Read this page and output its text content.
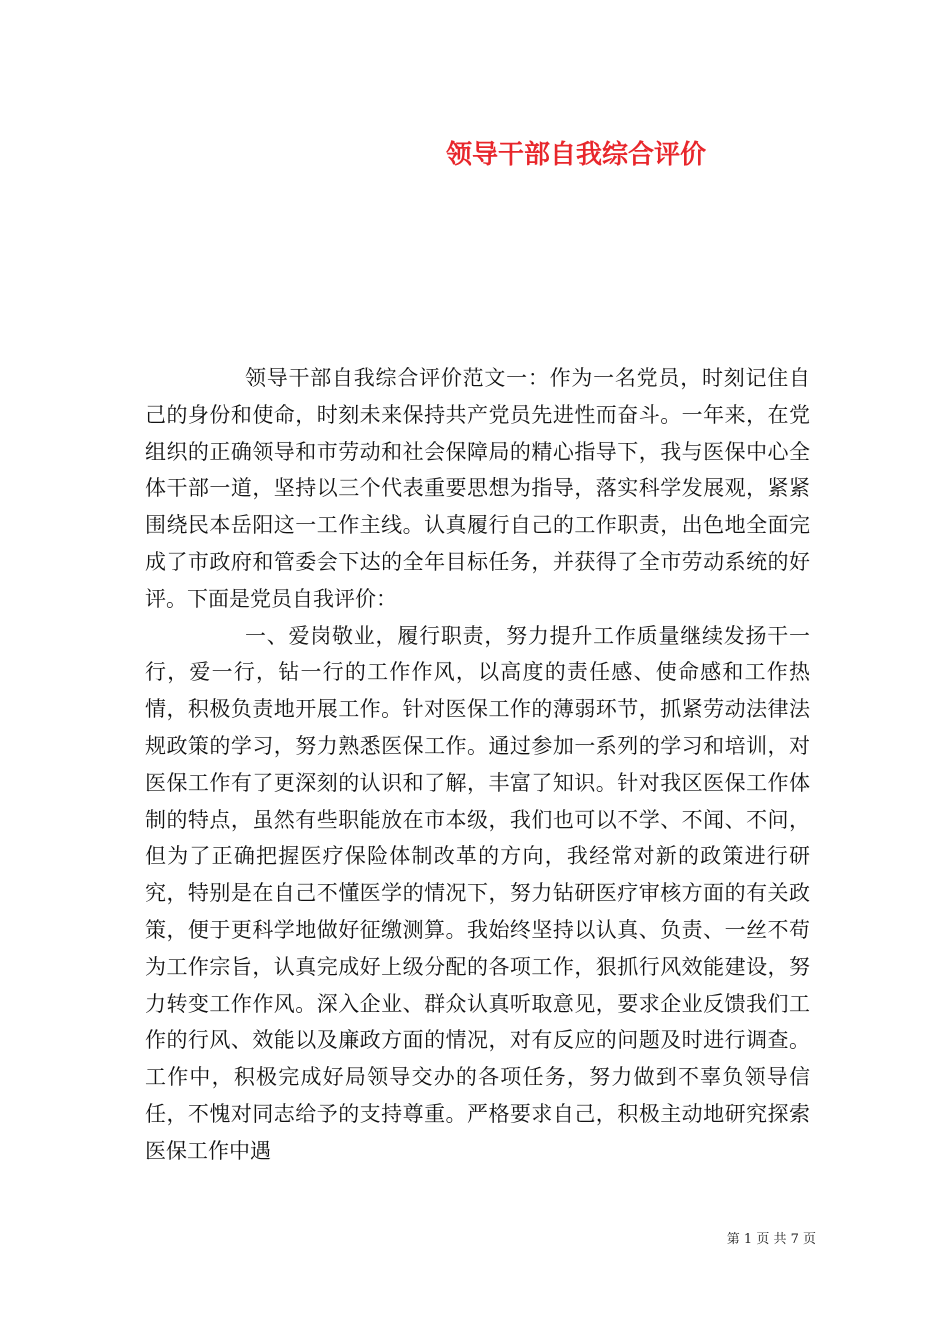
领导干部自我综合评价

领导干部自我综合评价范文一：作为一名党员，时刻记住自己的身份和使命，时刻未来保持共产党员先进性而奋斗。一年来，在党组织的正确领导和市劳动和社会保障局的精心指导下，我与医保中心全体干部一道，坚持以三个代表重要思想为指导，落实科学发展观，紧紧围绕民本岳阳这一工作主线。认真履行自己的工作职责，出色地全面完成了市政府和管委会下达的全年目标任务，并获得了全市劳动系统的好评。下面是党员自我评价：

一、爱岗敬业，履行职责，努力提升工作质量继续发扬干一行，爱一行，钻一行的工作作风，以高度的责任感、使命感和工作热情，积极负责地开展工作。针对医保工作的薄弱环节，抓紧劳动法律法规政策的学习，努力熟悉医保工作。通过参加一系列的学习和培训，对医保工作有了更深刻的认识和了解，丰富了知识。针对我区医保工作体制的特点，虽然有些职能放在市本级，我们也可以不学、不闻、不问，但为了正确把握医疗保险体制改革的方向，我经常对新的政策进行研究，特别是在自己不懂医学的情况下，努力钻研医疗审核方面的有关政策，便于更科学地做好征缴测算。我始终坚持以认真、负责、一丝不苟为工作宗旨，认真完成好上级分配的各项工作，狠抓行风效能建设，努力转变工作作风。深入企业、群众认真听取意见，要求企业反馈我们工作的行风、效能以及廉政方面的情况，对有反应的问题及时进行调查。工作中，积极完成好局领导交办的各项任务，努力做到不辜负领导信任，不愧对同志给予的支持尊重。严格要求自己，积极主动地研究探索医保工作中遇

第 1 页 共 7 页
